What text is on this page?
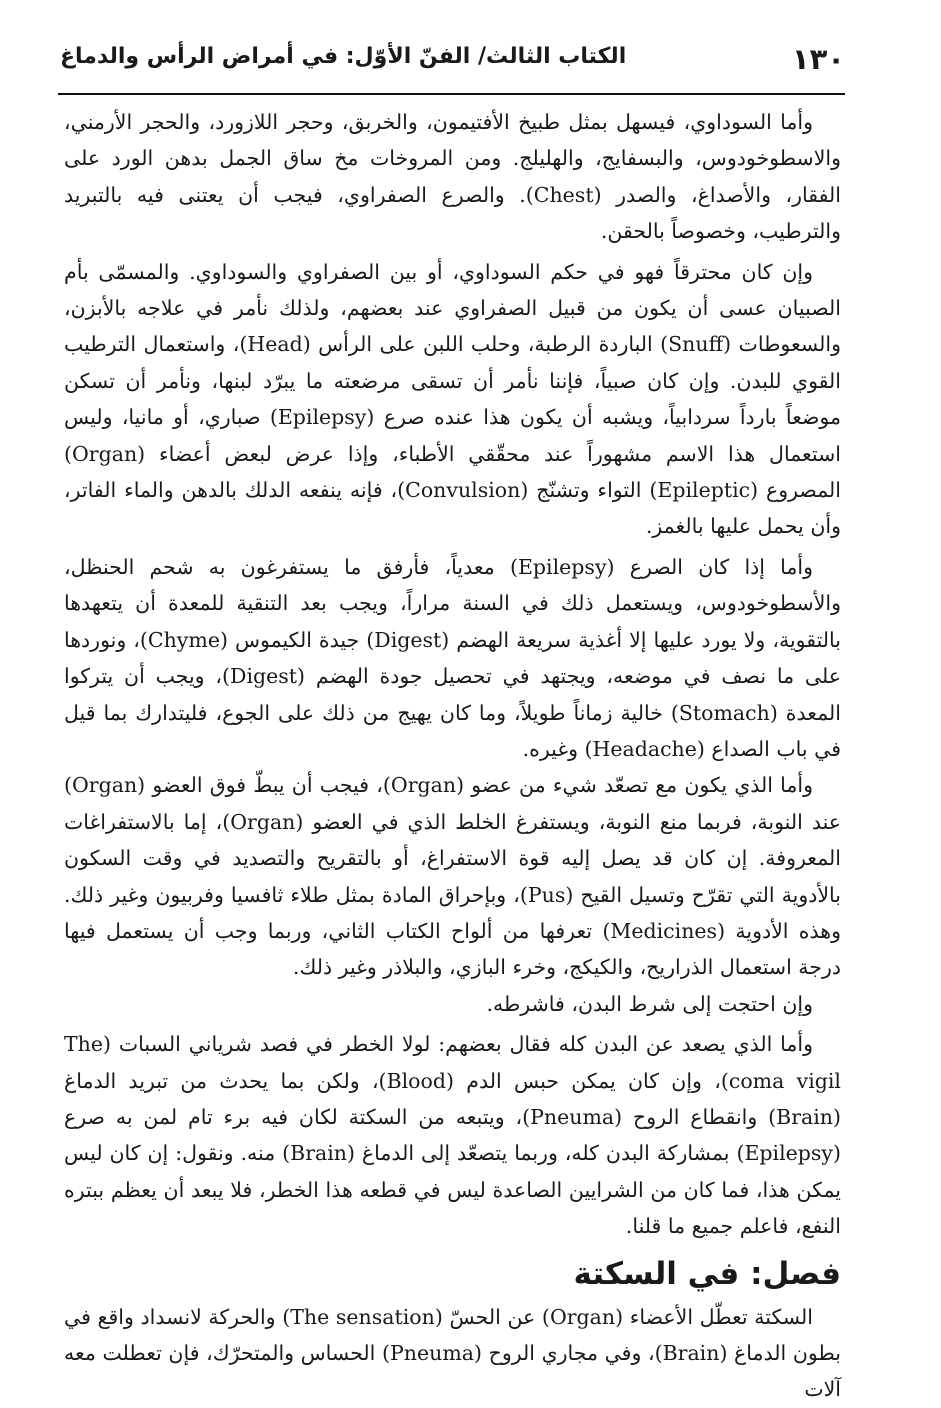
١٣٠
الكتاب الثالث/ الفنّ الأوّل: في أمراض الرأس والدماغ

وأما السوداوي، فيسهل بمثل طبيخ الأفتيمون، والخربق، وحجر اللازورد، والحجر الأرمني، والاسطوخودوس، والبسفايج، والهليلج. ومن المروخات مخ ساق الجمل بدهن الورد على الفقار، والأصداغ، والصدر (Chest). والصرع الصفراوي، فيجب أن يعتنى فيه بالتبريد والترطيب، وخصوصاً بالحقن.

وإن كان محترقاً فهو في حكم السوداوي، أو بين الصفراوي والسوداوي. والمسمّى بأم الصبيان عسى أن يكون من قبيل الصفراوي عند بعضهم، ولذلك نأمر في علاجه بالأبزن، والسعوطات (Snuff) الباردة الرطبة، وحلب اللبن على الرأس (Head)، واستعمال الترطيب القوي للبدن. وإن كان صبياً، فإننا نأمر أن تسقى مرضعته ما يبرّد لبنها، ونأمر أن تسكن موضعاً بارداً سردابياً، ويشبه أن يكون هذا عنده صرع (Epilepsy) صباري، أو مانيا، وليس استعمال هذا الاسم مشهوراً عند محقّقي الأطباء، وإذا عرض لبعض أعضاء (Organ) المصروع (Epileptic) التواء وتشنّج (Convulsion)، فإنه ينفعه الدلك بالدهن والماء الفاتر، وأن يحمل عليها بالغمز.

وأما إذا كان الصرع (Epilepsy) معدياً، فأرفق ما يستفرغون به شحم الحنظل، والأسطوخودوس، ويستعمل ذلك في السنة مراراً، ويجب بعد التنقية للمعدة أن يتعهدها بالتقوية، ولا يورد عليها إلا أغذية سريعة الهضم (Digest) جيدة الكيموس (Chyme)، ونوردها على ما نصف في موضعه، ويجتهد في تحصيل جودة الهضم (Digest)، ويجب أن يتركوا المعدة (Stomach) خالية زماناً طويلاً، وما كان يهيج من ذلك على الجوع، فليتدارك بما قيل في باب الصداع (Headache) وغيره.

وأما الذي يكون مع تصعّد شيء من عضو (Organ)، فيجب أن يبطّ فوق العضو (Organ) عند النوبة، فربما منع النوبة، ويستفرغ الخلط الذي في العضو (Organ)، إما بالاستفراغات المعروفة. إن كان قد يصل إليه قوة الاستفراغ، أو بالتقريح والتصديد في وقت السكون بالأدوية التي تقرّح وتسيل القيح (Pus)، وبإحراق المادة بمثل طلاء ثافسيا وفربيون وغير ذلك. وهذه الأدوية (Medicines) تعرفها من ألواح الكتاب الثاني، وربما وجب أن يستعمل فيها درجة استعمال الذراريح، والكيكج، وخرء البازي، والبلاذر وغير ذلك.

وإن احتجت إلى شرط البدن، فاشرطه.

وأما الذي يصعد عن البدن كله فقال بعضهم: لولا الخطر في فصد شرياني السبات (The coma vigil)، وإن كان يمكن حبس الدم (Blood)، ولكن بما يحدث من تبريد الدماغ (Brain) وانقطاع الروح (Pneuma)، ويتبعه من السكتة لكان فيه برء تام لمن به صرع (Epilepsy) بمشاركة البدن كله، وربما يتصعّد إلى الدماغ (Brain) منه. ونقول: إن كان ليس يمكن هذا، فما كان من الشرايين الصاعدة ليس في قطعه هذا الخطر، فلا يبعد أن يعظم ببتره النفع، فاعلم جميع ما قلنا.

فصل: في السكتة

السكتة تعطّل الأعضاء (Organ) عن الحسّ (The sensation) والحركة لانسداد واقع في بطون الدماغ (Brain)، وفي مجاري الروح (Pneuma) الحساس والمتحرّك، فإن تعطلت معه آلات
